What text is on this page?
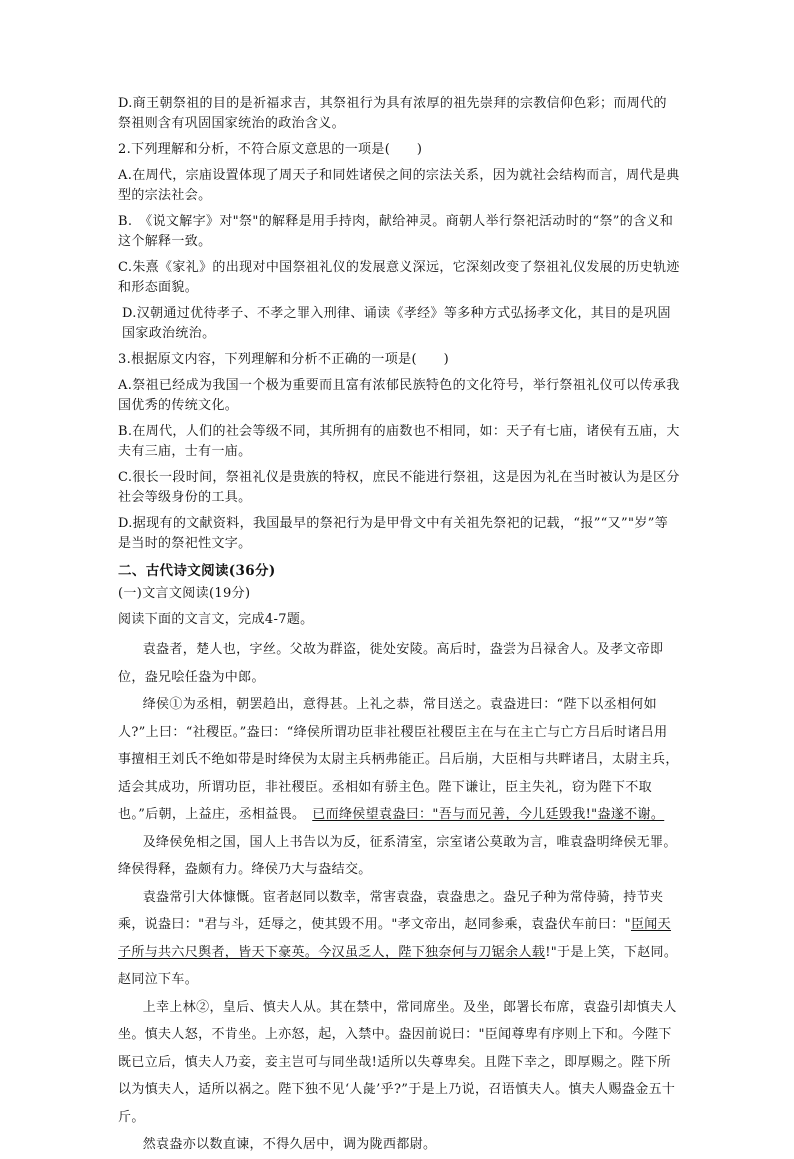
D.商王朝祭祖的目的是祈福求吉，其祭祖行为具有浓厚的祖先崇拜的宗教信仰色彩；而周代的祭祖则含有巩固国家统治的政治含义。

2.下列理解和分析，不符合原文意思的一项是(　　)

A.在周代，宗庙设置体现了周天子和同姓诸侯之间的宗法关系，因为就社会结构而言，周代是典型的宗法社会。

B.　《说文解字》对"祭"的解释是用手持肉，献给神灵。商朝人举行祭祀活动时的“祭”的含义和这个解释一致。

C.朱熹《家礼》的出现对中国祭祖礼仪的发展意义深远，它深刻改变了祭祖礼仪发展的历史轨迹和形态面貌。

D.汉朝通过优待孝子、不孝之罪入刑律、诵读《孝经》等多种方式弘扬孝文化，其目的是巩固国家政治统治。

3.根据原文内容，下列理解和分析不正确的一项是(　　)

A.祭祖已经成为我国一个极为重要而且富有浓郁民族特色的文化符号，举行祭祖礼仪可以传承我国优秀的传统文化。

B.在周代，人们的社会等级不同，其所拥有的庙数也不相同，如：天子有七庙，诸侯有五庙，大夫有三庙，士有一庙。

C.很长一段时间，祭祖礼仪是贵族的特权，庶民不能进行祭祖，这是因为礼在当时被认为是区分社会等级身份的工具。

D.据现有的文献资料，我国最早的祭祀行为是甲骨文中有关祖先祭祀的记载，“报”“又”"岁”等是当时的祭祀性文字。

二、古代诗文阅读(36分)

(一)文言文阅读(19分)

阅读下面的文言文，完成4-7题。

袁盎者，楚人也，字丝。父故为群盗，徙处安陵。高后时，盎尝为吕禄舍人。及孝文帝即位，盎兄哙任盎为中郎。

绛侯①为丞相，朝罢趋出，意得甚。上礼之恭，常目送之。袁盎进曰：“陛下以丞相何如人?”上曰：“社稷臣。”盎曰：“绛侯所谓功臣非社稷臣社稷臣主在与在主亡与亡方吕后时诸吕用事擅相王刘氏不绝如带是时绛侯为太尉主兵柄弗能正。吕后崩，大臣相与共畔诸吕，太尉主兵，适会其成功，所谓功臣，非社稷臣。丞相如有骄主色。陛下谦让，臣主失礼，窃为陛下不取也。”后朝，上益庄，丞相益畏。　已而绛侯望袁盎曰："吾与而兄善，今儿廷毁我!"盎遂不谢。

及绛侯免相之国，国人上书告以为反，征系清室，宗室诸公莫敢为言，唯袁盎明绛侯无罪。绛侯得释，盎颇有力。绛侯乃大与盎结交。

袁盎常引大体慷慨。宦者赵同以数幸，常害袁盎，袁盎患之。盎兄子种为常侍骑，持节夹乘，说盎曰："君与斗，廷辱之，使其毁不用。"孝文帝出，赵同参乘，袁盎伏车前曰："臣闻天子所与共六尺舆者，皆天下豪英。今汉虽乏人，陛下独奈何与刀锯余人载!"于是上笑，下赵同。赵同泣下车。

上幸上林②，皇后、慎夫人从。其在禁中，常同席坐。及坐，郎署长布席，袁盎引却慎夫人坐。慎夫人怒，不肯坐。上亦怒，起，入禁中。盎因前说曰："臣闻尊卑有序则上下和。今陛下既已立后，慎夫人乃妾，妾主岂可与同坐哉!适所以失尊卑矣。且陛下幸之，即厚赐之。陛下所以为慎夫人，适所以祸之。陛下独不见‘人彘’乎?”于是上乃说，召语慎夫人。慎夫人赐盎金五十斤。

然袁盎亦以数直谏，不得久居中，调为陇西都尉。
